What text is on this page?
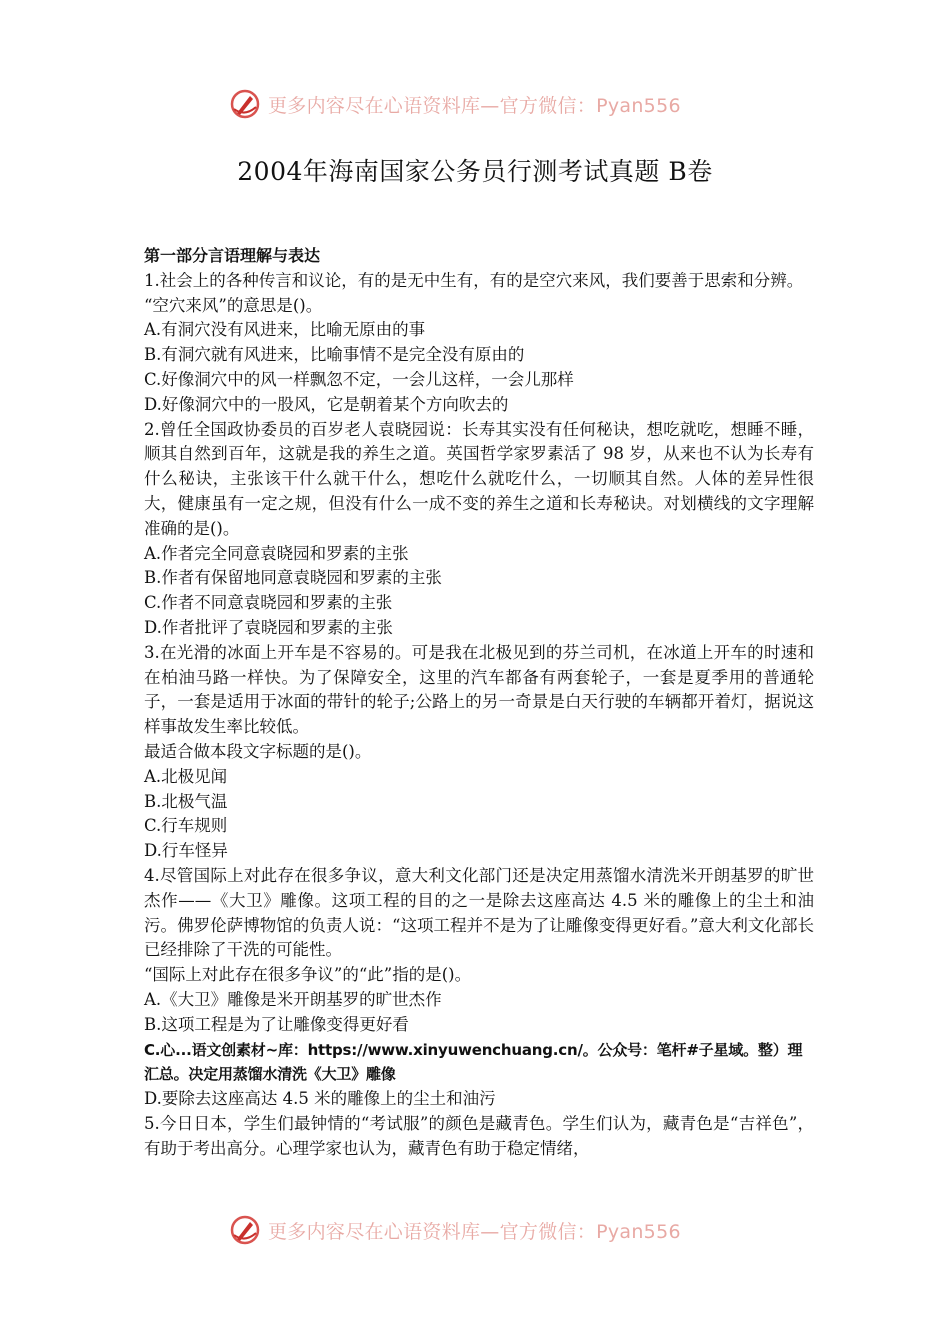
更多内容尽在心语资料库—官方微信：Pyan556
2004年海南国家公务员行测考试真题 B卷

第一部分言语理解与表达

1.社会上的各种传言和议论，有的是无中生有，有的是空穴来风，我们要善于思索和分辨。

“空穴来风”的意思是()。

A.有洞穴没有风进来，比喻无原由的事

B.有洞穴就有风进来，比喻事情不是完全没有原由的

C.好像洞穴中的风一样飘忽不定，一会儿这样，一会儿那样

D.好像洞穴中的一股风，它是朝着某个方向吹去的

2.曾任全国政协委员的百岁老人袁晓园说：长寿其实没有任何秘诀，想吃就吃，想睡不睡，顺其自然到百年，这就是我的养生之道。英国哲学家罗素活了 98 岁，从来也不认为长寿有什么秘诀，主张该干什么就干什么，想吃什么就吃什么，一切顺其自然。人体的差异性很大，健康虽有一定之规，但没有什么一成不变的养生之道和长寿秘诀。对划横线的文字理解准确的是()。

A.作者完全同意袁晓园和罗素的主张

B.作者有保留地同意袁晓园和罗素的主张

C.作者不同意袁晓园和罗素的主张

D.作者批评了袁晓园和罗素的主张

3.在光滑的冰面上开车是不容易的。可是我在北极见到的芬兰司机，在冰道上开车的时速和在柏油马路一样快。为了保障安全，这里的汽车都备有两套轮子，一套是夏季用的普通轮子，一套是适用于冰面的带针的轮子;公路上的另一奇景是白天行驶的车辆都开着灯，据说这样事故发生率比较低。

最适合做本段文字标题的是()。

A.北极见闻

B.北极气温

C.行车规则

D.行车怪异

4.尽管国际上对此存在很多争议，意大利文化部门还是决定用蒸馏水清洗米开朗基罗的旷世杰作——《大卫》雕像。这项工程的目的之一是除去这座高达 4.5 米的雕像上的尘土和油污。佛罗伦萨博物馆的负责人说：“这项工程并不是为了让雕像变得更好看。”意大利文化部长已经排除了干洗的可能性。

“国际上对此存在很多争议”的“此”指的是()。

A.《大卫》雕像是米开朗基罗的旷世杰作

B.这项工程是为了让雕像变得更好看

C.心...语文创素材~库：https://www.xinyuwenchuang.cn/。公众号：笔杆#子星域。整）理汇总。决定用蒸馏水清洗《大卫》雕像

D.要除去这座高达 4.5 米的雕像上的尘土和油污

5.今日日本，学生们最钟情的“考试服”的颜色是藏青色。学生们认为，藏青色是“吉祥色”，有助于考出高分。心理学家也认为，藏青色有助于稳定情绪，

更多内容尽在心语资料库—官方微信：Pyan556
